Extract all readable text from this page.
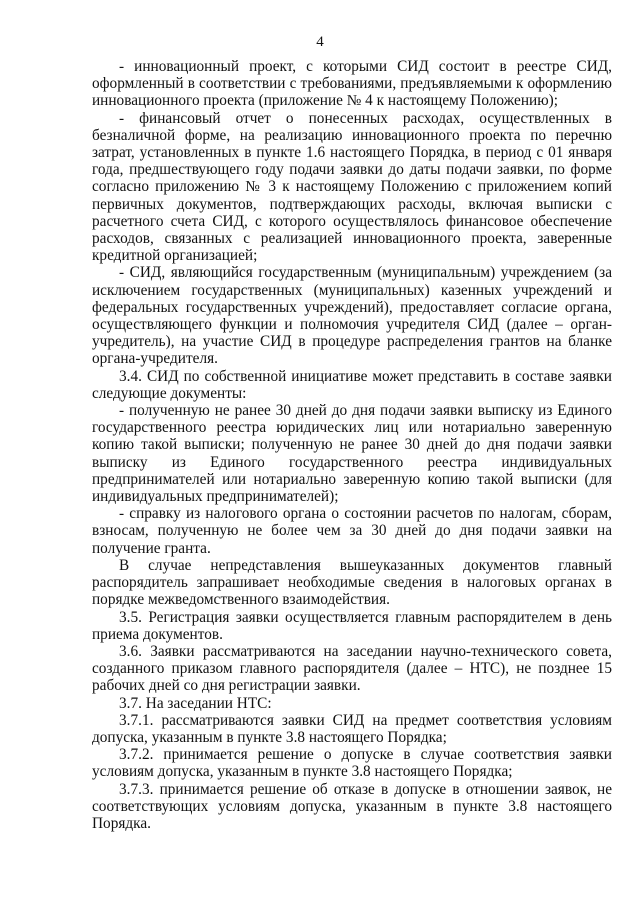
4

- инновационный проект, с которыми СИД состоит в реестре СИД, оформленный в соответствии с требованиями, предъявляемыми к оформлению инновационного проекта (приложение № 4 к настоящему Положению);

- финансовый отчет о понесенных расходах, осуществленных в безналичной форме, на реализацию инновационного проекта по перечню затрат, установленных в пункте 1.6 настоящего Порядка, в период с 01 января года, предшествующего году подачи заявки до даты подачи заявки, по форме согласно приложению № 3 к настоящему Положению с приложением копий первичных документов, подтверждающих расходы, включая выписки с расчетного счета СИД, с которого осуществлялось финансовое обеспечение расходов, связанных с реализацией инновационного проекта, заверенные кредитной организацией;

- СИД, являющийся государственным (муниципальным) учреждением (за исключением государственных (муниципальных) казенных учреждений и федеральных государственных учреждений), предоставляет согласие органа, осуществляющего функции и полномочия учредителя СИД (далее – орган-учредитель), на участие СИД в процедуре распределения грантов на бланке органа-учредителя.

3.4. СИД по собственной инициативе может представить в составе заявки следующие документы:

- полученную не ранее 30 дней до дня подачи заявки выписку из Единого государственного реестра юридических лиц или нотариально заверенную копию такой выписки; полученную не ранее 30 дней до дня подачи заявки выписку из Единого государственного реестра индивидуальных предпринимателей или нотариально заверенную копию такой выписки (для индивидуальных предпринимателей);

- справку из налогового органа о состоянии расчетов по налогам, сборам, взносам, полученную не более чем за 30 дней до дня подачи заявки на получение гранта.

В случае непредставления вышеуказанных документов главный распорядитель запрашивает необходимые сведения в налоговых органах в порядке межведомственного взаимодействия.

3.5. Регистрация заявки осуществляется главным распорядителем в день приема документов.

3.6. Заявки рассматриваются на заседании научно-технического совета, созданного приказом главного распорядителя (далее – НТС), не позднее 15 рабочих дней со дня регистрации заявки.

3.7. На заседании НТС:

3.7.1. рассматриваются заявки СИД на предмет соответствия условиям допуска, указанным в пункте 3.8 настоящего Порядка;

3.7.2. принимается решение о допуске в случае соответствия заявки условиям допуска, указанным в пункте 3.8 настоящего Порядка;

3.7.3. принимается решение об отказе в допуске в отношении заявок, не соответствующих условиям допуска, указанным в пункте 3.8 настоящего Порядка.
